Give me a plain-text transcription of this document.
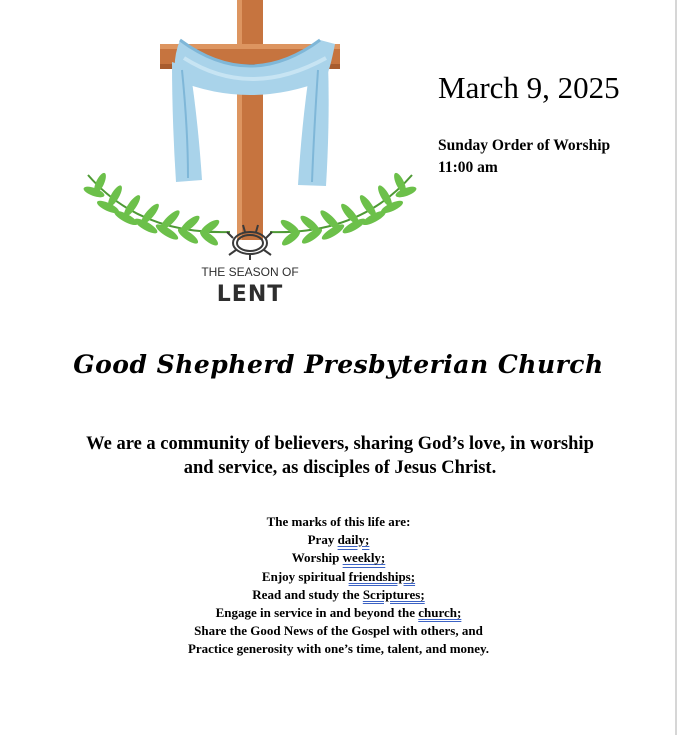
THE SEASON OF
LENT
March 9, 2025
Sunday Order of Worship
11:00 am
Good Shepherd Presbyterian Church
We are a community of believers, sharing God’s love, in worship
and service, as disciples of Jesus Christ.
The marks of this life are:
Pray daily;
Worship weekly;
Enjoy spiritual friendships;
Read and study the Scriptures;
Engage in service in and beyond the church;
Share the Good News of the Gospel with others, and
Practice generosity with one’s time, talent, and money.
